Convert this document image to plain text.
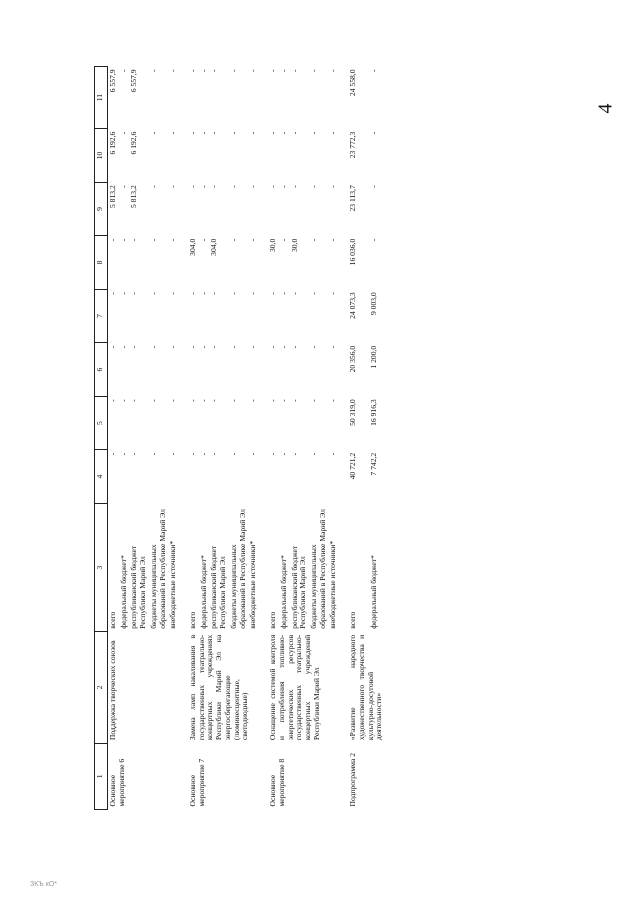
4
1	2	3	4	5	6	7	8	9	10	11
Основное мероприятие 6	Поддержка творческих союзов	всего	-	-	-	-	-	5 813,2	6 192,6	6 557,9
		федеральный бюджет*	-	-	-	-	-	-	-	-
		республиканский бюджет Республики Марий Эл	-	-	-	-	-	5 813,2	6 192,6	6 557,9
		бюджеты муниципальных образований в Республике Марий Эл	-	-	-	-	-	-	-	-
		внебюджетные источники*	-	-	-	-	-	-	-	-
Основное мероприятие 7	Замена ламп накаливания в государственных театрально-концертных учреждениях Республики Марий Эл на энергосберегающие (люминесцентные, светодиодные)	всего	-	-	-	-	304,0	-	-	-
		федеральный бюджет*	-	-	-	-	-	-	-	-
		республиканский бюджет Республики Марий Эл	-	-	-	-	304,0	-	-	-
		бюджеты муниципальных образований в Республике Марий Эл	-	-	-	-	-	-	-	-
		внебюджетные источники*	-	-	-	-	-	-	-	-
Основное мероприятие 8	Оснащение системой контроля и потребления топливно-энергетических ресурсов государственных театрально-концертных учреждений Республики Марий Эл	всего	-	-	-	-	30,0	-	-	-
		федеральный бюджет*	-	-	-	-	-	-	-	-
		республиканский бюджет Республики Марий Эл	-	-	-	-	30,0	-	-	-
		бюджеты муниципальных образований в Республике Марий Эл	-	-	-	-	-	-	-	-
		внебюджетные источники*	-	-	-	-	-	-	-	-
Подпрограмма 2	«Развитие народного художественного творчества и культурно-досуговой деятельности»	всего	40 721,2	50 319,0	20 356,0	24 073,3	16 036,0	23 113,7	23 772,3	24 558,0
		федеральный бюджет*	7 742,2	16 916,3	1 200,0	9 003,0	-	-	-	-
ЗКЪ кО*
